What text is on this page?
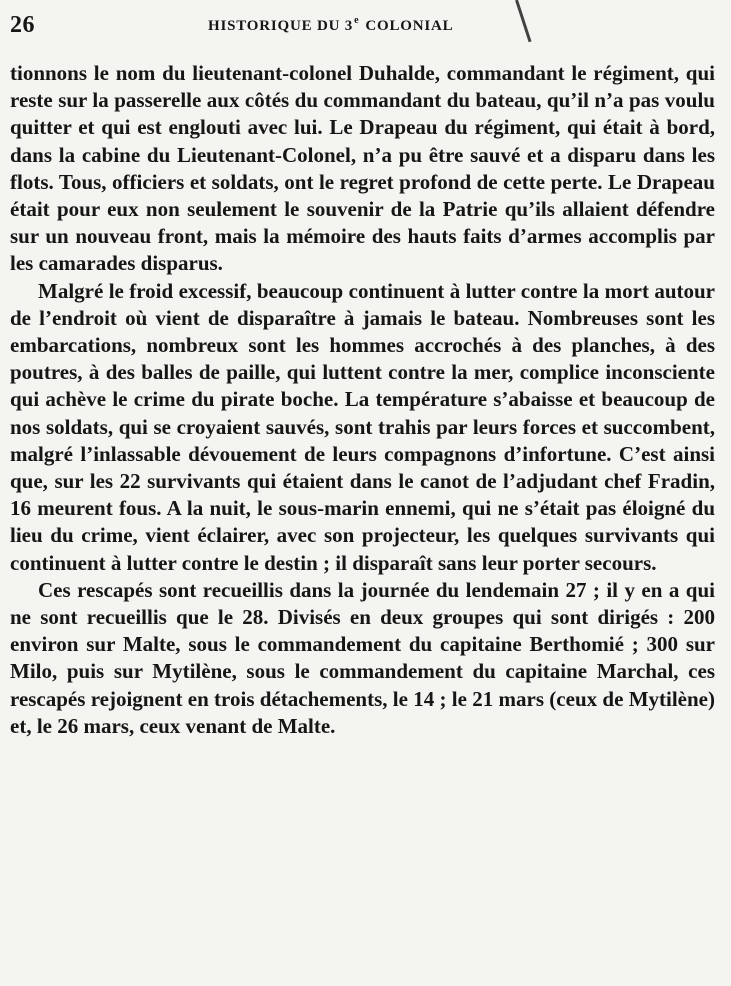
26	HISTORIQUE DU 3e COLONIAL

tionnons le nom du lieutenant-colonel Duhalde, commandant le régiment, qui reste sur la passerelle aux côtés du commandant du bateau, qu’il n’a pas voulu quitter et qui est englouti avec lui. Le Drapeau du régiment, qui était à bord, dans la cabine du Lieutenant-Colonel, n’a pu être sauvé et a disparu dans les flots. Tous, officiers et soldats, ont le regret profond de cette perte. Le Drapeau était pour eux non seulement le souvenir de la Patrie qu’ils allaient défendre sur un nouveau front, mais la mémoire des hauts faits d’armes accomplis par les camarades disparus.

Malgré le froid excessif, beaucoup continuent à lutter contre la mort autour de l’endroit où vient de disparaître à jamais le bateau. Nombreuses sont les embarcations, nombreux sont les hommes accrochés à des planches, à des poutres, à des balles de paille, qui luttent contre la mer, complice inconsciente qui achève le crime du pirate boche. La température s’abaisse et beaucoup de nos soldats, qui se croyaient sauvés, sont trahis par leurs forces et succombent, malgré l’inlassable dévouement de leurs compagnons d’infortune. C’est ainsi que, sur les 22 survivants qui étaient dans le canot de l’adjudant chef Fradin, 16 meurent fous. A la nuit, le sous-marin ennemi, qui ne s’était pas éloigné du lieu du crime, vient éclairer, avec son projecteur, les quelques survivants qui continuent à lutter contre le destin ; il disparaît sans leur porter secours.

Ces rescapés sont recueillis dans la journée du lendemain 27 ; il y en a qui ne sont recueillis que le 28. Divisés en deux groupes qui sont dirigés : 200 environ sur Malte, sous le commandement du capitaine Berthomié ; 300 sur Milo, puis sur Mytilène, sous le commandement du capitaine Marchal, ces rescapés rejoignent en trois détachements, le 14 ; le 21 mars (ceux de Mytilène) et, le 26 mars, ceux venant de Malte.
